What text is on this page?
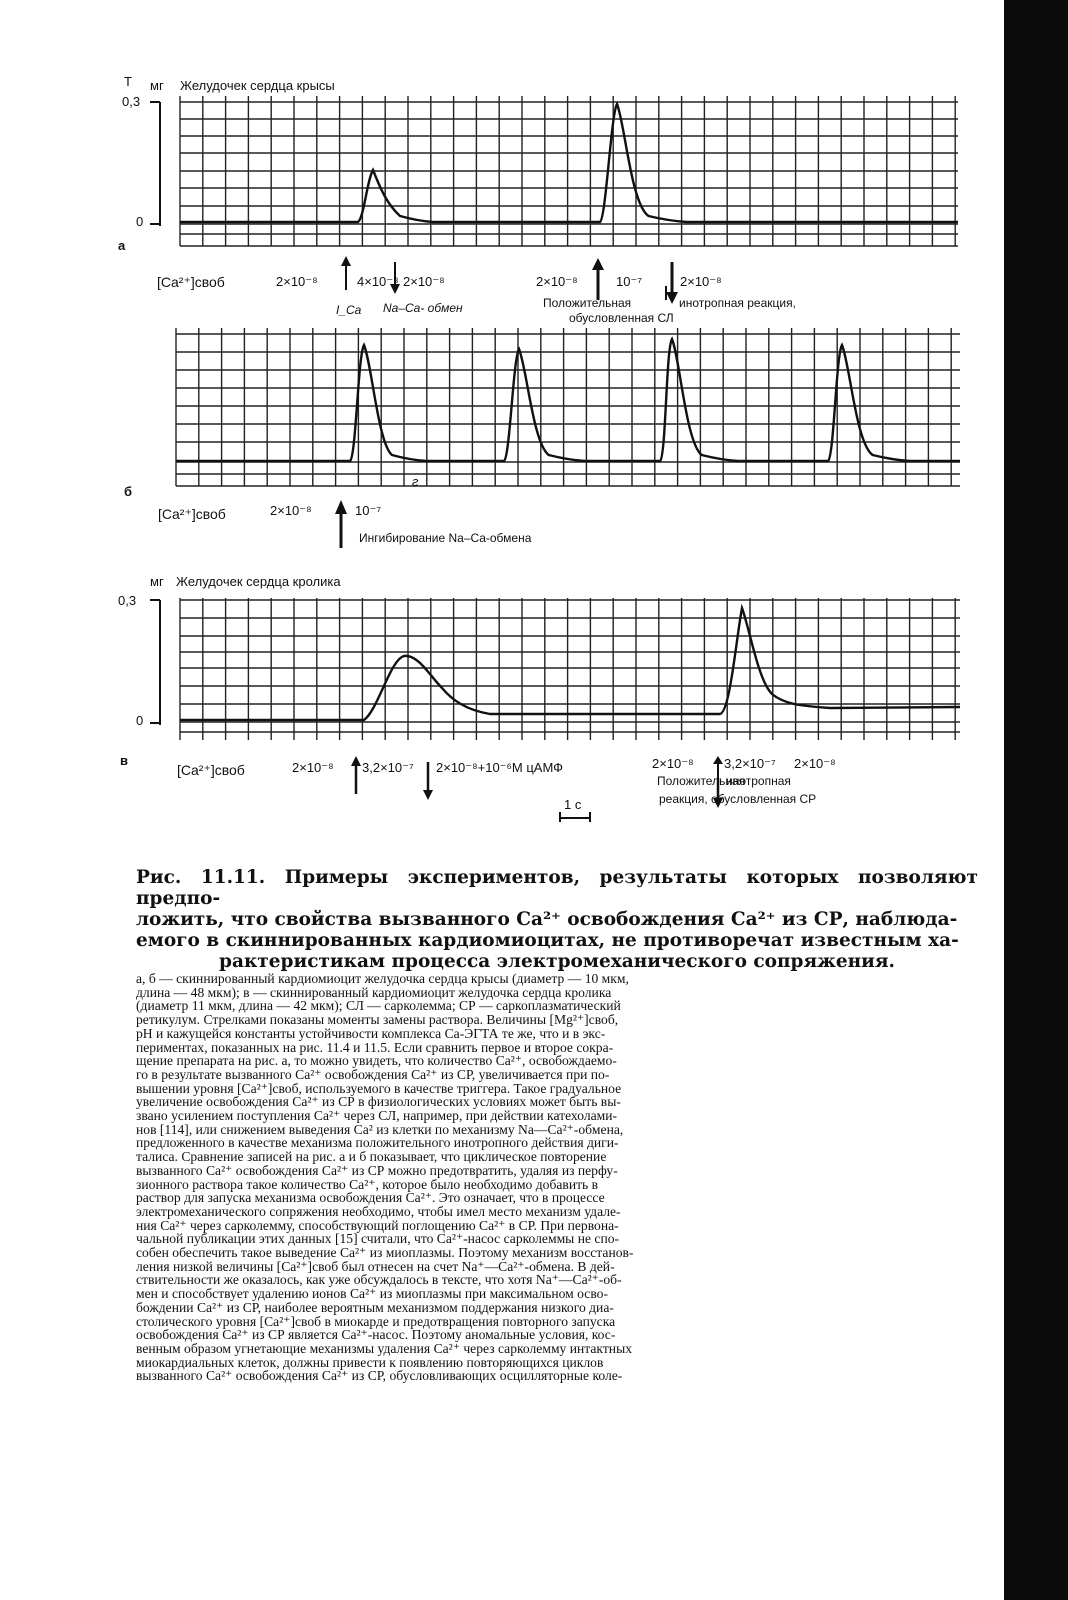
Т мг Желудочек сердца крысы
0,3
0
а
[Ca²⁺]своб	2×10⁻⁸	4×10⁻⁸ 2×10⁻⁸	2×10⁻⁸	10⁻⁷	2×10⁻⁸
I_Ca Na–Ca- обмен	Положительная	инотропная реакция,
обусловленная СЛ
б
г
[Ca²⁺]своб	2×10⁻⁸	10⁻⁷
Ингибирование Na–Ca-обмена
мг Желудочек сердца кролика
0,3
0
в
[Ca²⁺]своб	2×10⁻⁸ 3,2×10⁻⁷ 2×10⁻⁸+10⁻⁶М цАМФ	2×10⁻⁸ 3,2×10⁻⁷ 2×10⁻⁸
Положительная
инотропная
реакция, обусловленная СР
1 с
Рис. 11.11. Примеры экспериментов, результаты которых позволяют предпо-
ложить, что свойства вызванного Ca²⁺ освобождения Ca²⁺ из СР, наблюда-
емого в скиннированных кардиомиоцитах, не противоречат известным ха-

рактеристикам процесса электромеханического сопряжения.

а, б — скиннированный кардиомиоцит желудочка сердца крысы (диаметр — 10 мкм,

длина — 48 мкм); в — скиннированный кардиомиоцит желудочка сердца кролика

(диаметр 11 мкм, длина — 42 мкм); СЛ — сарколемма; СР — саркоплазматический

ретикулум. Стрелками показаны моменты замены раствора. Величины [Mg²⁺]своб,

рН и кажущейся константы устойчивости комплекса Ca-ЭГТА те же, что и в экс-

периментах, показанных на рис. 11.4 и 11.5. Если сравнить первое и второе сокра-

щение препарата на рис. а, то можно увидеть, что количество Ca²⁺, освобождаемо-

го в результате вызванного Ca²⁺ освобождения Ca²⁺ из СР, увеличивается при по-

вышении уровня [Ca²⁺]своб, используемого в качестве триггера. Такое градуальное

увеличение освобождения Ca²⁺ из СР в физиологических условиях может быть вы-

звано усилением поступления Ca²⁺ через СЛ, например, при действии катехолами-

нов [114], или снижением выведения Ca² из клетки по механизму Na—Ca²⁺-обмена,

предложенного в качестве механизма положительного инотропного действия диги-

талиса. Сравнение записей на рис. а и б показывает, что циклическое повторение

вызванного Ca²⁺ освобождения Ca²⁺ из СР можно предотвратить, удаляя из перфу-

зионного раствора такое количество Ca²⁺, которое было необходимо добавить в

раствор для запуска механизма освобождения Ca²⁺. Это означает, что в процессе

электромеханического сопряжения необходимо, чтобы имел место механизм удале-

ния Ca²⁺ через сарколемму, способствующий поглощению Ca²⁺ в СР. При первона-

чальной публикации этих данных [15] считали, что Ca²⁺-насос сарколеммы не спо-

собен обеспечить такое выведение Ca²⁺ из миоплазмы. Поэтому механизм восстанов-

ления низкой величины [Ca²⁺]своб был отнесен на счет Na⁺—Ca²⁺-обмена. В дей-

ствительности же оказалось, как уже обсуждалось в тексте, что хотя Na⁺—Ca²⁺-об-

мен и способствует удалению ионов Ca²⁺ из миоплазмы при максимальном осво-

бождении Ca²⁺ из СР, наиболее вероятным механизмом поддержания низкого диа-

столического уровня [Ca²⁺]своб в миокарде и предотвращения повторного запуска

освобождения Ca²⁺ из СР является Ca²⁺-насос. Поэтому аномальные условия, кос-

венным образом угнетающие механизмы удаления Ca²⁺ через сарколемму интактных

миокардиальных клеток, должны привести к появлению повторяющихся циклов

вызванного Ca²⁺ освобождения Ca²⁺ из СР, обусловливающих осцилляторные коле-
